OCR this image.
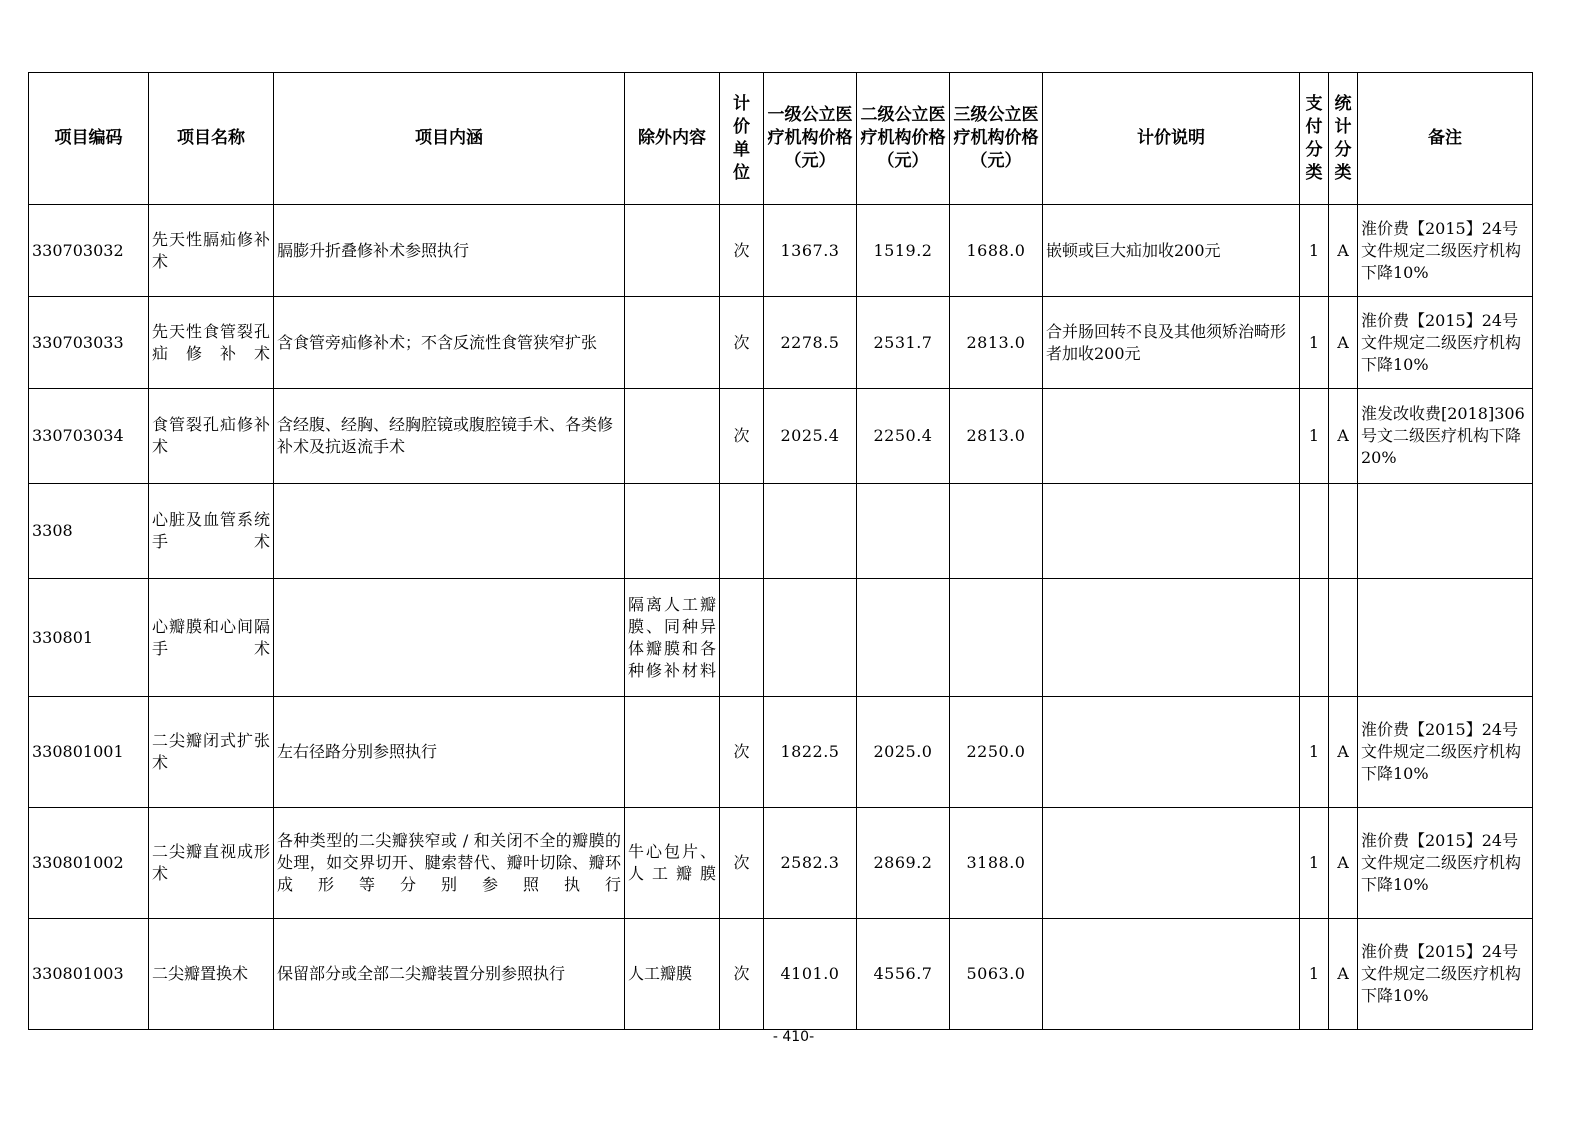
项目编码	项目名称	项目内涵	除外内容	计价单位	一级公立医疗机构价格（元）	二级公立医疗机构价格（元）	三级公立医疗机构价格（元）	计价说明	支付分类	统计分类	备注
330703032	先天性膈疝修补术	膈膨升折叠修补术参照执行		次	1367.3	1519.2	1688.0	嵌顿或巨大疝加收200元	1	A	淮价费【2015】24号文件规定二级医疗机构下降10%
330703033	先天性食管裂孔疝修补术	含食管旁疝修补术；不含反流性食管狭窄扩张		次	2278.5	2531.7	2813.0	合并肠回转不良及其他须矫治畸形者加收200元	1	A	淮价费【2015】24号文件规定二级医疗机构下降10%
330703034	食管裂孔疝修补术	含经腹、经胸、经胸腔镜或腹腔镜手术、各类修补术及抗返流手术		次	2025.4	2250.4	2813.0		1	A	淮发改收费[2018]306号文二级医疗机构下降20%
3308	心脏及血管系统手术										
330801	心瓣膜和心间隔手术		隔离人工瓣膜、同种异体瓣膜和各种修补材料								
330801001	二尖瓣闭式扩张术	左右径路分别参照执行		次	1822.5	2025.0	2250.0		1	A	淮价费【2015】24号文件规定二级医疗机构下降10%
330801002	二尖瓣直视成形术	各种类型的二尖瓣狭窄或 / 和关闭不全的瓣膜的处理，如交界切开、腱索替代、瓣叶切除、瓣环成形等分别参照执行	牛心包片、人工瓣膜	次	2582.3	2869.2	3188.0		1	A	淮价费【2015】24号文件规定二级医疗机构下降10%
330801003	二尖瓣置换术	保留部分或全部二尖瓣装置分别参照执行	人工瓣膜	次	4101.0	4556.7	5063.0		1	A	淮价费【2015】24号文件规定二级医疗机构下降10%
- 410-
